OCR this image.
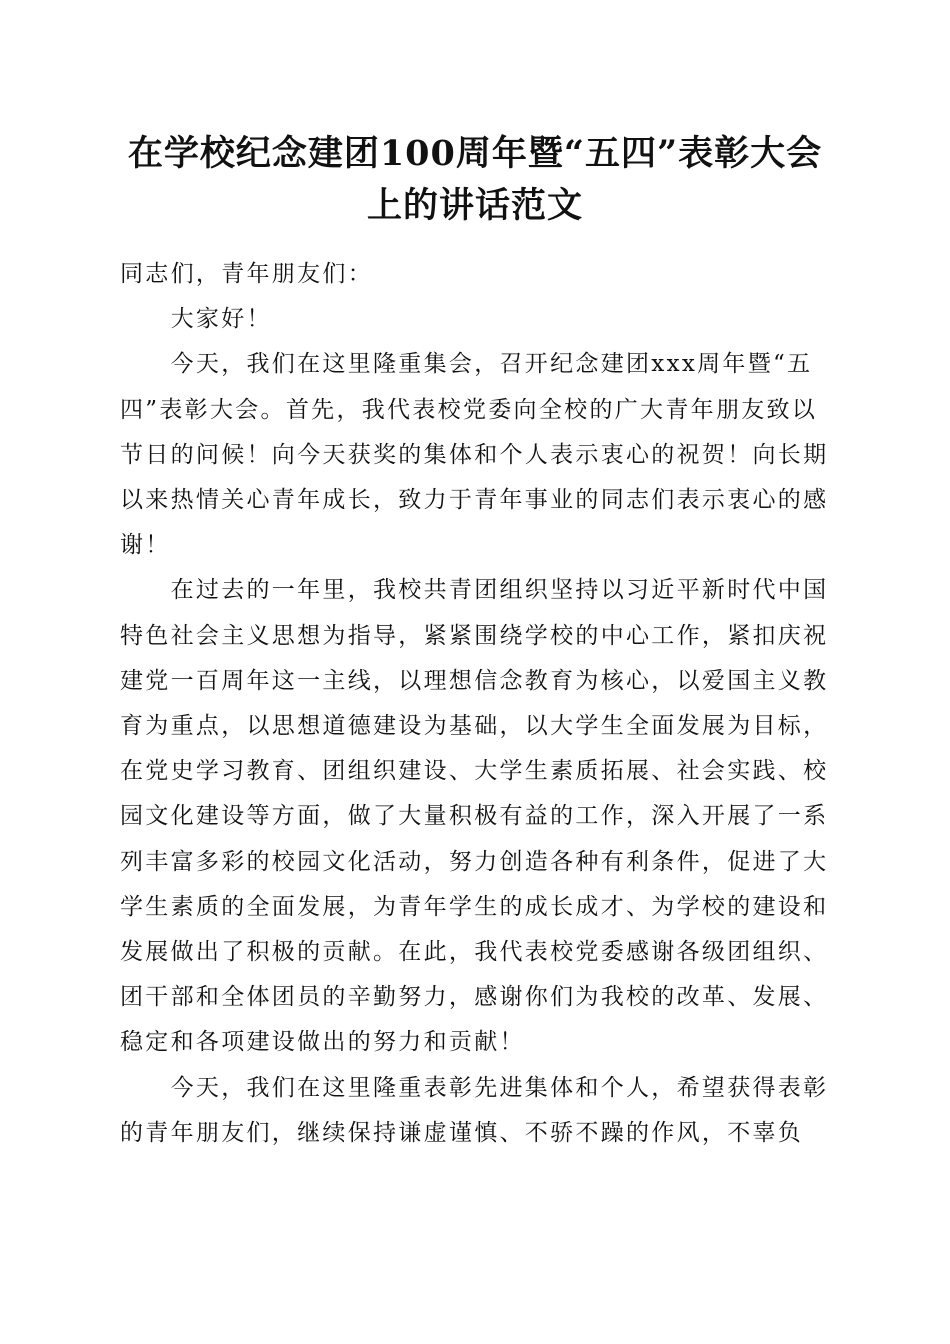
在学校纪念建团100周年暨“五四”表彰大会
上的讲话范文

同志们，青年朋友们：

大家好！

今天，我们在这里隆重集会，召开纪念建团xxx周年暨“五四”表彰大会。首先，我代表校党委向全校的广大青年朋友致以节日的问候！向今天获奖的集体和个人表示衷心的祝贺！向长期以来热情关心青年成长，致力于青年事业的同志们表示衷心的感谢！

在过去的一年里，我校共青团组织坚持以习近平新时代中国特色社会主义思想为指导，紧紧围绕学校的中心工作，紧扣庆祝建党一百周年这一主线，以理想信念教育为核心，以爱国主义教育为重点，以思想道德建设为基础，以大学生全面发展为目标，在党史学习教育、团组织建设、大学生素质拓展、社会实践、校园文化建设等方面，做了大量积极有益的工作，深入开展了一系列丰富多彩的校园文化活动，努力创造各种有利条件，促进了大学生素质的全面发展，为青年学生的成长成才、为学校的建设和发展做出了积极的贡献。在此，我代表校党委感谢各级团组织、团干部和全体团员的辛勤努力，感谢你们为我校的改革、发展、稳定和各项建设做出的努力和贡献！

今天，我们在这里隆重表彰先进集体和个人，希望获得表彰的青年朋友们，继续保持谦虚谨慎、不骄不躁的作风，不辜负
